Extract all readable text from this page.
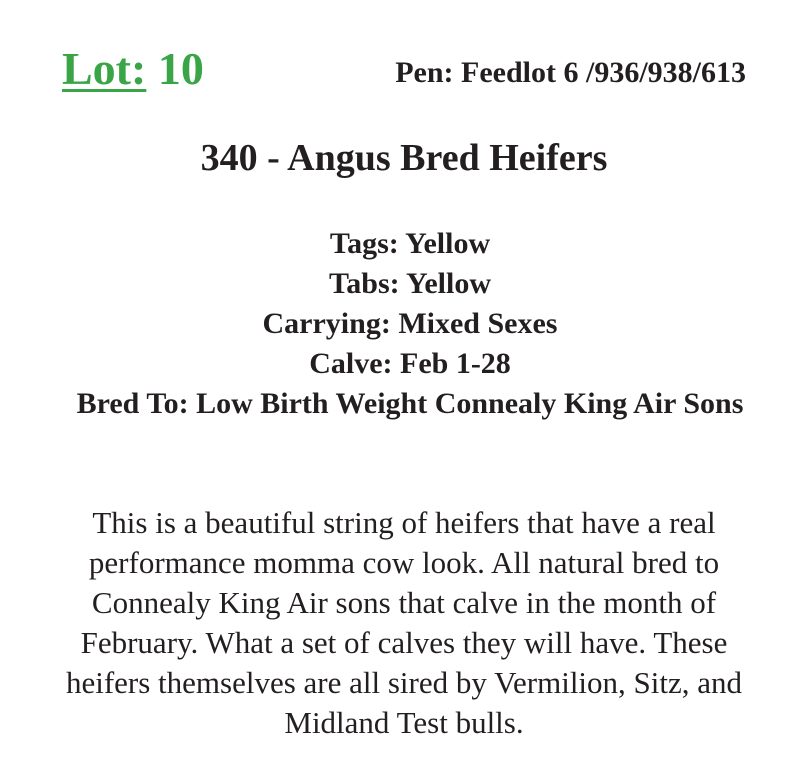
Lot: 10	Pen: Feedlot 6 /936/938/613
340 - Angus Bred Heifers
Tags: Yellow
Tabs: Yellow
Carrying: Mixed Sexes
Calve: Feb 1-28
Bred To: Low Birth Weight Connealy King Air Sons
This is a beautiful string of heifers that have a real performance momma cow look. All natural bred to Connealy King Air sons that calve in the month of February. What a set of calves they will have. These heifers themselves are all sired by Vermilion, Sitz, and Midland Test bulls.
